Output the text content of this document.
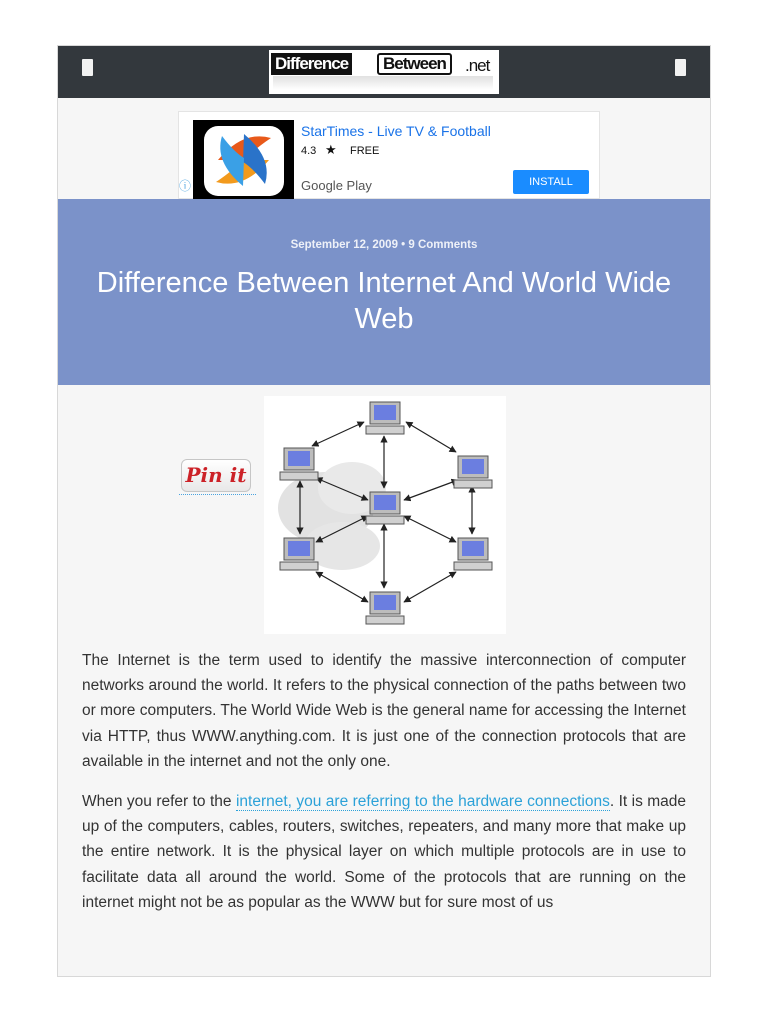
Difference	Between	.net
StarTimes - Live TV & Football
4.3 ★ FREE
Google Play	INSTALL
ⓘ
September 12, 2009 • 9 Comments
Difference Between Internet And World Wide Web
Pin it

The Internet is the term used to identify the massive interconnection of computer networks around the world. It refers to the physical connection of the paths between two or more computers. The World Wide Web is the general name for accessing the Internet via HTTP, thus WWW.anything.com. It is just one of the connection protocols that are available in the internet and not the only one.

When you refer to the internet, you are referring to the hardware connections. It is made up of the computers, cables, routers, switches, repeaters, and many more that make up the entire network. It is the physical layer on which multiple protocols are in use to facilitate data all around the world. Some of the protocols that are running on the internet might not be as popular as the WWW but for sure most of us
